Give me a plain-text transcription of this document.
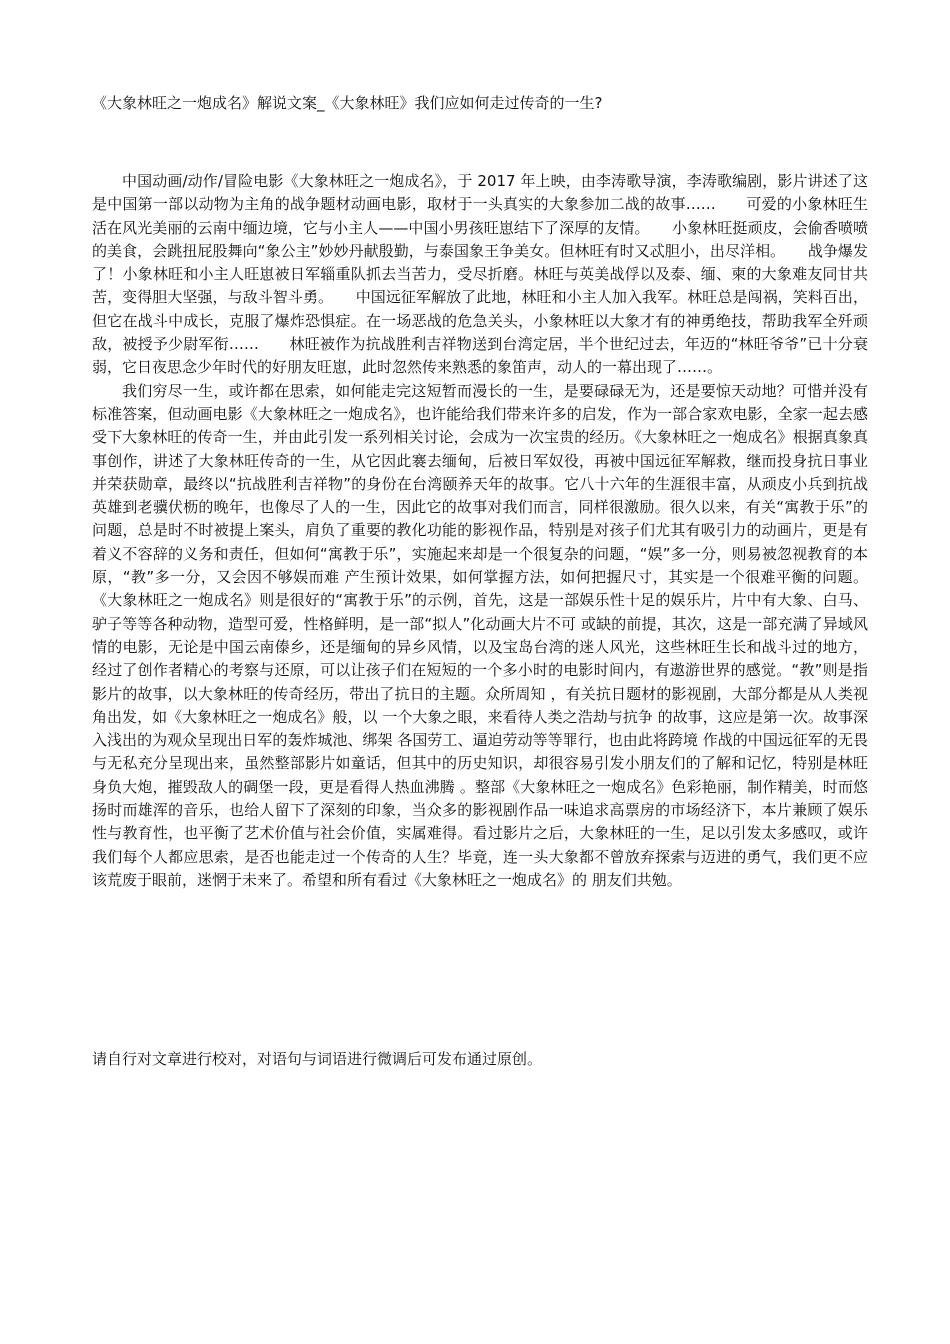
《大象林旺之一炮成名》解说文案_《大象林旺》我们应如何走过传奇的一生?

中国动画/动作/冒险电影《大象林旺之一炮成名》，于 2017 年上映，由李涛歌导演，李涛歌编剧，影片讲述了这是中国第一部以动物为主角的战争题材动画电影，取材于一头真实的大象参加二战的故事……　　可爱的小象林旺生活在风光美丽的云南中缅边境，它与小主人——中国小男孩旺崽结下了深厚的友情。　　小象林旺挺顽皮，会偷香喷喷的美食，会跳扭屁股舞向“象公主”妙妙丹献殷勤，与泰国象王争美女。但林旺有时又忒胆小，出尽洋相。　　战争爆发了！小象林旺和小主人旺崽被日军辎重队抓去当苦力，受尽折磨。林旺与英美战俘以及泰、缅、柬的大象难友同甘共苦，变得胆大坚强，与敌斗智斗勇。　　中国远征军解放了此地，林旺和小主人加入我军。林旺总是闯祸，笑料百出，但它在战斗中成长，克服了爆炸恐惧症。在一场恶战的危急关头，小象林旺以大象才有的神勇绝技，帮助我军全歼顽敌，被授予少尉军衔……　　林旺被作为抗战胜利吉祥物送到台湾定居，半个世纪过去，年迈的“林旺爷爷”已十分衰弱，它日夜思念少年时代的好朋友旺崽，此时忽然传来熟悉的象笛声，动人的一幕出现了……。

我们穷尽一生，或许都在思索，如何能走完这短暂而漫长的一生，是要碌碌无为，还是要惊天动地？可惜并没有标准答案，但动画电影《大象林旺之一炮成名》，也许能给我们带来许多的启发，作为一部合家欢电影，全家一起去感受下大象林旺的传奇一生，并由此引发一系列相关讨论，会成为一次宝贵的经历。《大象林旺之一炮成名》根据真象真事创作，讲述了大象林旺传奇的一生，从它因此褰去缅甸，后被日军奴役，再被中国远征军解救，继而投身抗日事业并荣获勋章，最终以“抗战胜利吉祥物”的身份在台湾颐养天年的故事。它八十六年的生涯很丰富，从顽皮小兵到抗战英雄到老骥伏枥的晚年，也像尽了人的一生，因此它的故事对我们而言，同样很激励。很久以来，有关“寓教于乐”的问题，总是时不时被提上案头，肩负了重要的教化功能的影视作品，特别是对孩子们尤其有吸引力的动画片，更是有着义不容辞的义务和责任，但如何“寓教于乐”，实施起来却是一个很复杂的问题，“娱”多一分，则易被忽视教育的本原，“教”多一分，又会因不够娱而难 产生预计效果，如何掌握方法，如何把握尺寸，其实是一个很难平衡的问题。《大象林旺之一炮成名》则是很好的“寓教于乐”的示例，首先，这是一部娱乐性十足的娱乐片，片中有大象、白马、驴子等等各种动物，造型可爱，性格鲜明，是一部“拟人”化动画大片不可 或缺的前提，其次，这是一部充满了异域风情的电影，无论是中国云南傣乡，还是缅甸的异乡风情，以及宝岛台湾的迷人风光，这些林旺生长和战斗过的地方，经过了创作者精心的考察与还原，可以让孩子们在短短的一个多小时的电影时间内，有遨游世界的感觉。“教”则是指影片的故事，以大象林旺的传奇经历，带出了抗日的主题。众所周知 ，有关抗日题材的影视剧，大部分都是从人类视角出发，如《大象林旺之一炮成名》般，以 一个大象之眼，来看待人类之浩劫与抗争 的故事，这应是第一次。故事深入浅出的为观众呈现出日军的轰炸城池、绑架 各国劳工、逼迫劳动等等罪行，也由此将跨境 作战的中国远征军的无畏与无私充分呈现出来，虽然整部影片如童话，但其中的历史知识，却很容易引发小朋友们的了解和记忆，特别是林旺身负大炮，摧毁敌人的碉堡一段，更是看得人热血沸腾 。整部《大象林旺之一炮成名》色彩艳丽，制作精美，时而悠扬时而雄浑的音乐，也给人留下了深刻的印象，当众多的影视剧作品一味追求高票房的市场经济下，本片兼顾了娱乐性与教育性，也平衡了艺术价值与社会价值，实属难得。看过影片之后，大象林旺的一生，足以引发太多感叹，或许我们每个人都应思索，是否也能走过一个传奇的人生？毕竟，连一头大象都不曾放弃探索与迈进的勇气，我们更不应该荒废于眼前，迷惘于未来了。希望和所有看过《大象林旺之一炮成名》的 朋友们共勉。

请自行对文章进行校对，对语句与词语进行微调后可发布通过原创。
